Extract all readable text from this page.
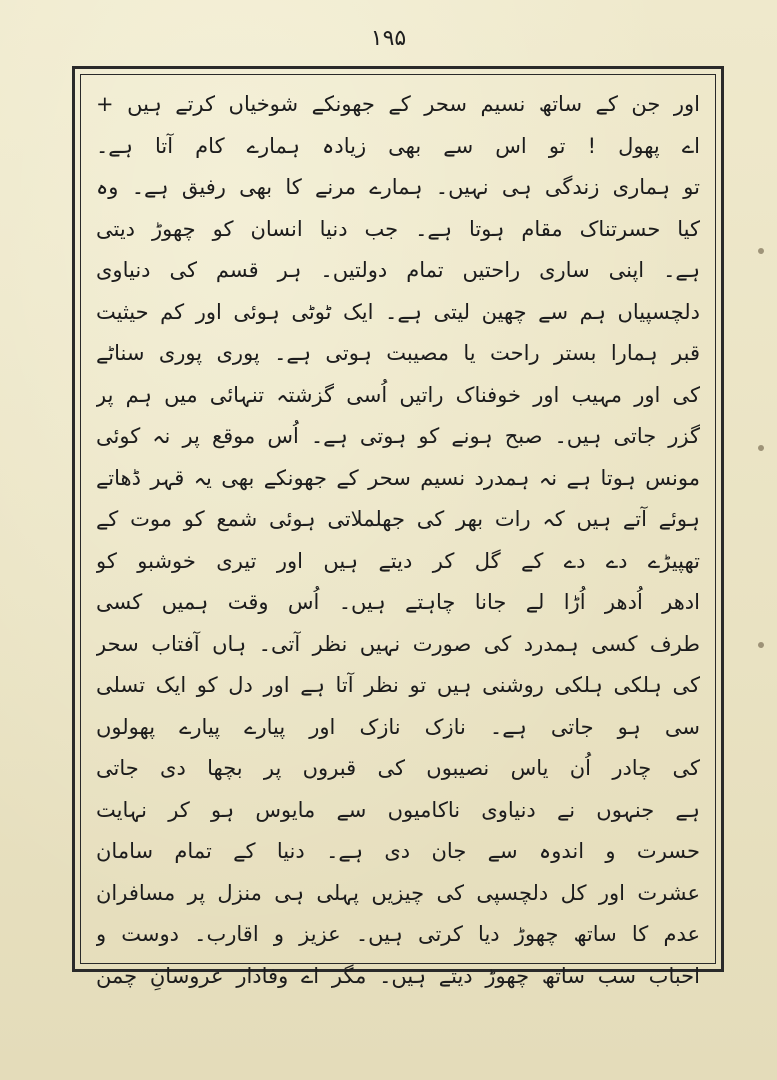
۱۹۵
اور جن کے ساتھ نسیم سحر کے جھونکے شوخیاں کرتے ہیں +
اے پھول ! تو اس سے بھی زیادہ ہمارے کام آتا ہے۔
تو ہماری زندگی ہی نہیں۔ ہمارے مرنے کا بھی رفیق ہے۔ وہ
کیا حسرتناک مقام ہوتا ہے۔ جب دنیا انسان کو چھوڑ دیتی
ہے۔ اپنی ساری راحتیں تمام دولتیں۔ ہر قسم کی دنیاوی
دلچسپیاں ہم سے چھین لیتی ہے۔ ایک ٹوٹی ہوئی اور کم حیثیت
قبر ہمارا بستر راحت یا مصیبت ہوتی ہے۔ پوری پوری سناٹے
کی اور مہیب اور خوفناک راتیں اُسی گزشتہ تنہائی میں ہم پر
گزر جاتی ہیں۔ صبح ہونے کو ہوتی ہے۔ اُس موقع پر نہ کوئی
مونس ہوتا ہے نہ ہمدرد نسیم سحر کے جھونکے بھی یہ قہر ڈھاتے
ہوئے آتے ہیں کہ رات بھر کی جھلملاتی ہوئی شمع کو موت کے
تھپیڑے دے دے کے گل کر دیتے ہیں اور تیری خوشبو کو
ادھر اُدھر اُڑا لے جانا چاہتے ہیں۔ اُس وقت ہمیں کسی
طرف کسی ہمدرد کی صورت نہیں نظر آتی۔ ہاں آفتاب سحر
کی ہلکی ہلکی روشنی ہیں تو نظر آتا ہے اور دل کو ایک تسلی
سی ہو جاتی ہے۔ نازک نازک اور پیارے پیارے پھولوں
کی چادر اُن یاس نصیبوں کی قبروں پر بچھا دی جاتی
ہے جنہوں نے دنیاوی ناکامیوں سے مایوس ہو کر نہایت
حسرت و اندوہ سے جان دی ہے۔ دنیا کے تمام سامان
عشرت اور کل دلچسپی کی چیزیں پہلی ہی منزل پر مسافران
عدم کا ساتھ چھوڑ دیا کرتی ہیں۔ عزیز و اقارب۔ دوست و
احباب سب ساتھ چھوڑ دیتے ہیں۔ مگر اے وفادار عروسانِ چمن
